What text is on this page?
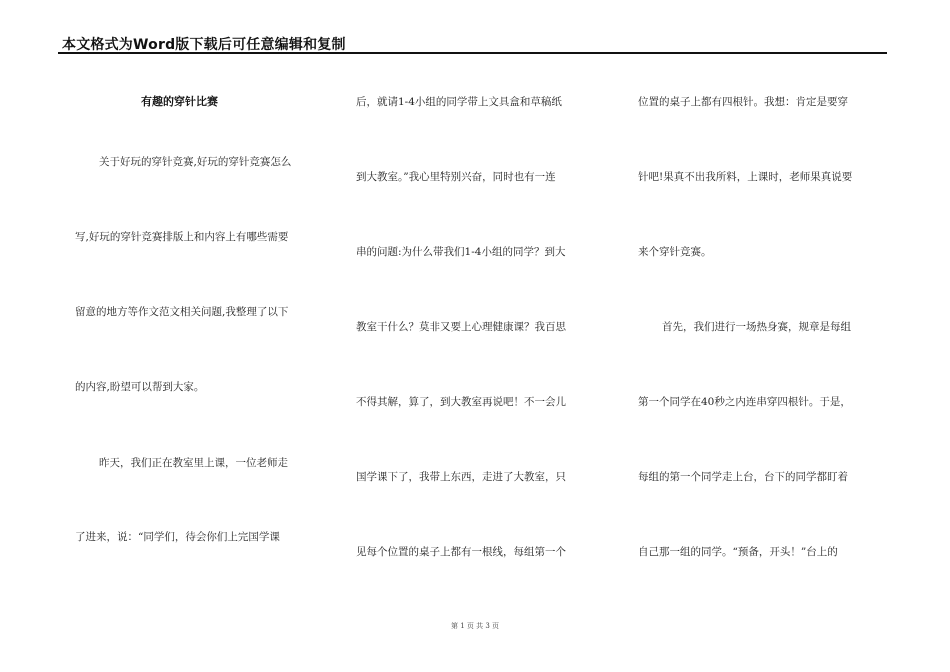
本文格式为Word版下载后可任意编辑和复制
有趣的穿针比赛
关于好玩的穿针竞赛,好玩的穿针竞赛怎么
写,好玩的穿针竞赛排版上和内容上有哪些需要
留意的地方等作文范文相关问题,我整理了以下
的内容,盼望可以帮到大家。
昨天，我们正在教室里上课，一位老师走
了进来，说：“同学们，待会你们上完国学课
后，就请1-4小组的同学带上文具盒和草稿纸
到大教室。”我心里特别兴奋，同时也有一连
串的问题:为什么带我们1-4小组的同学？到大
教室干什么？莫非又要上心理健康课？我百思
不得其解，算了，到大教室再说吧！不一会儿
国学课下了，我带上东西，走进了大教室，只
见每个位置的桌子上都有一根线，每组第一个
位置的桌子上都有四根针。我想：肯定是要穿
针吧!果真不出我所料，上课时，老师果真说要
来个穿针竞赛。
首先，我们进行一场热身赛，规章是每组
第一个同学在40秒之内连串穿四根针。于是，
每组的第一个同学走上台，台下的同学都盯着
自己那一组的同学。“预备，开头！”台上的
第 1 页 共 3 页
